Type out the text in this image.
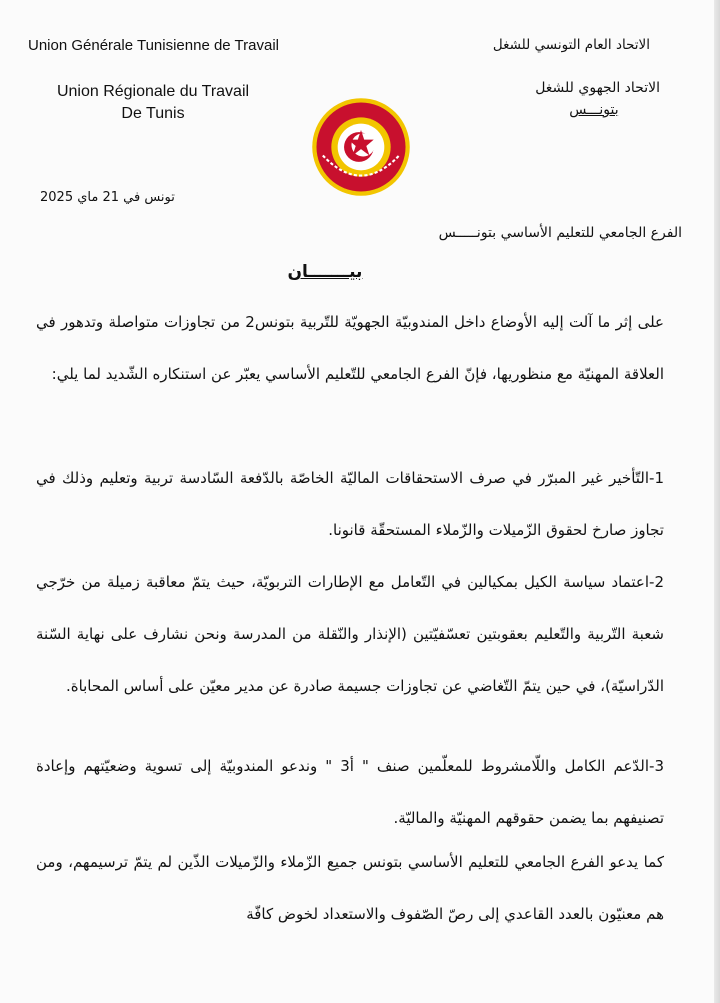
Union Générale Tunisienne de Travail
Union Régionale du Travail
De Tunis
الاتحاد العام التونسي للشغل
الاتحاد الجهوي للشغل
بتونـــس
تونس في 21 ماي 2025
الفرع الجامعي للتعليم الأساسي بتونـــــس
بيـــــــان
على إثر ما آلت إليه الأوضاع داخل المندوبيّة الجهويّة للتّربية بتونس2 من تجاوزات متواصلة وتدهور في العلاقة المهنيّة مع منظوريها، فإنّ الفرع الجامعي للتّعليم الأساسي يعبّر عن استنكاره الشّديد لما يلي:
1-التّأخير غير المبرّر في صرف الاستحقاقات الماليّة الخاصّة بالدّفعة السّادسة تربية وتعليم وذلك في تجاوز صارخ لحقوق الزّميلات والزّملاء المستحقّة قانونا.
2-اعتماد سياسة الكيل بمكيالين في التّعامل مع الإطارات التربويّة، حيث يتمّ معاقبة زميلة من خرّجي شعبة التّربية والتّعليم بعقوبتين تعسّفيّتين (الإنذار والنّقلة من المدرسة ونحن نشارف على نهاية السّنة الدّراسيّة)، في حين يتمّ التّغاضي عن تجاوزات جسيمة صادرة عن مدير معيّن على أساس المحاباة.
3-الدّعم الكامل واللّامشروط للمعلّمين صنف " أ3 " وندعو المندوبيّة إلى تسوية وضعيّتهم وإعادة تصنيفهم بما يضمن حقوقهم المهنيّة والماليّة.
كما يدعو الفرع الجامعي للتعليم الأساسي بتونس جميع الزّملاء والزّميلات الذّين لم يتمّ ترسيمهم، ومن هم معنيّون بالعدد القاعدي إلى رصّ الصّفوف والاستعداد لخوض كافّة
